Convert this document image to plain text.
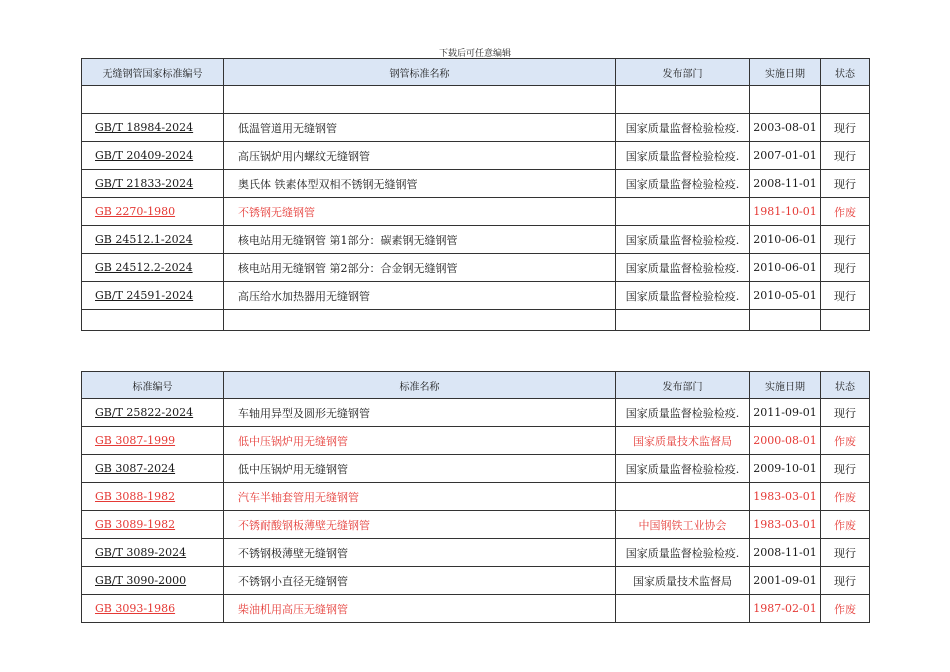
下载后可任意编辑
无缝钢管国家标准编号	钢管标准名称	发布部门	实施日期	状态

GB/T 18984-2024	低温管道用无缝钢管	国家质量监督检验检疫.	2003-08-01	现行
GB/T 20409-2024	高压锅炉用内螺纹无缝钢管	国家质量监督检验检疫.	2007-01-01	现行
GB/T 21833-2024	奥氏体 铁素体型双相不锈钢无缝钢管	国家质量监督检验检疫.	2008-11-01	现行
GB 2270-1980	不锈钢无缝钢管		1981-10-01	作废
GB 24512.1-2024	核电站用无缝钢管 第1部分：碳素钢无缝钢管	国家质量监督检验检疫.	2010-06-01	现行
GB 24512.2-2024	核电站用无缝钢管 第2部分：合金钢无缝钢管	国家质量监督检验检疫.	2010-06-01	现行
GB/T 24591-2024	高压给水加热器用无缝钢管	国家质量监督检验检疫.	2010-05-01	现行

标准编号	标准名称	发布部门	实施日期	状态
GB/T 25822-2024	车轴用异型及圆形无缝钢管	国家质量监督检验检疫.	2011-09-01	现行
GB 3087-1999	低中压锅炉用无缝钢管	国家质量技术监督局	2000-08-01	作废
GB 3087-2024	低中压锅炉用无缝钢管	国家质量监督检验检疫.	2009-10-01	现行
GB 3088-1982	汽车半轴套管用无缝钢管		1983-03-01	作废
GB 3089-1982	不锈耐酸钢板薄壁无缝钢管	中国钢铁工业协会	1983-03-01	作废
GB/T 3089-2024	不锈钢极薄壁无缝钢管	国家质量监督检验检疫.	2008-11-01	现行
GB/T 3090-2000	不锈钢小直径无缝钢管	国家质量技术监督局	2001-09-01	现行
GB 3093-1986	柴油机用高压无缝钢管		1987-02-01	作废
